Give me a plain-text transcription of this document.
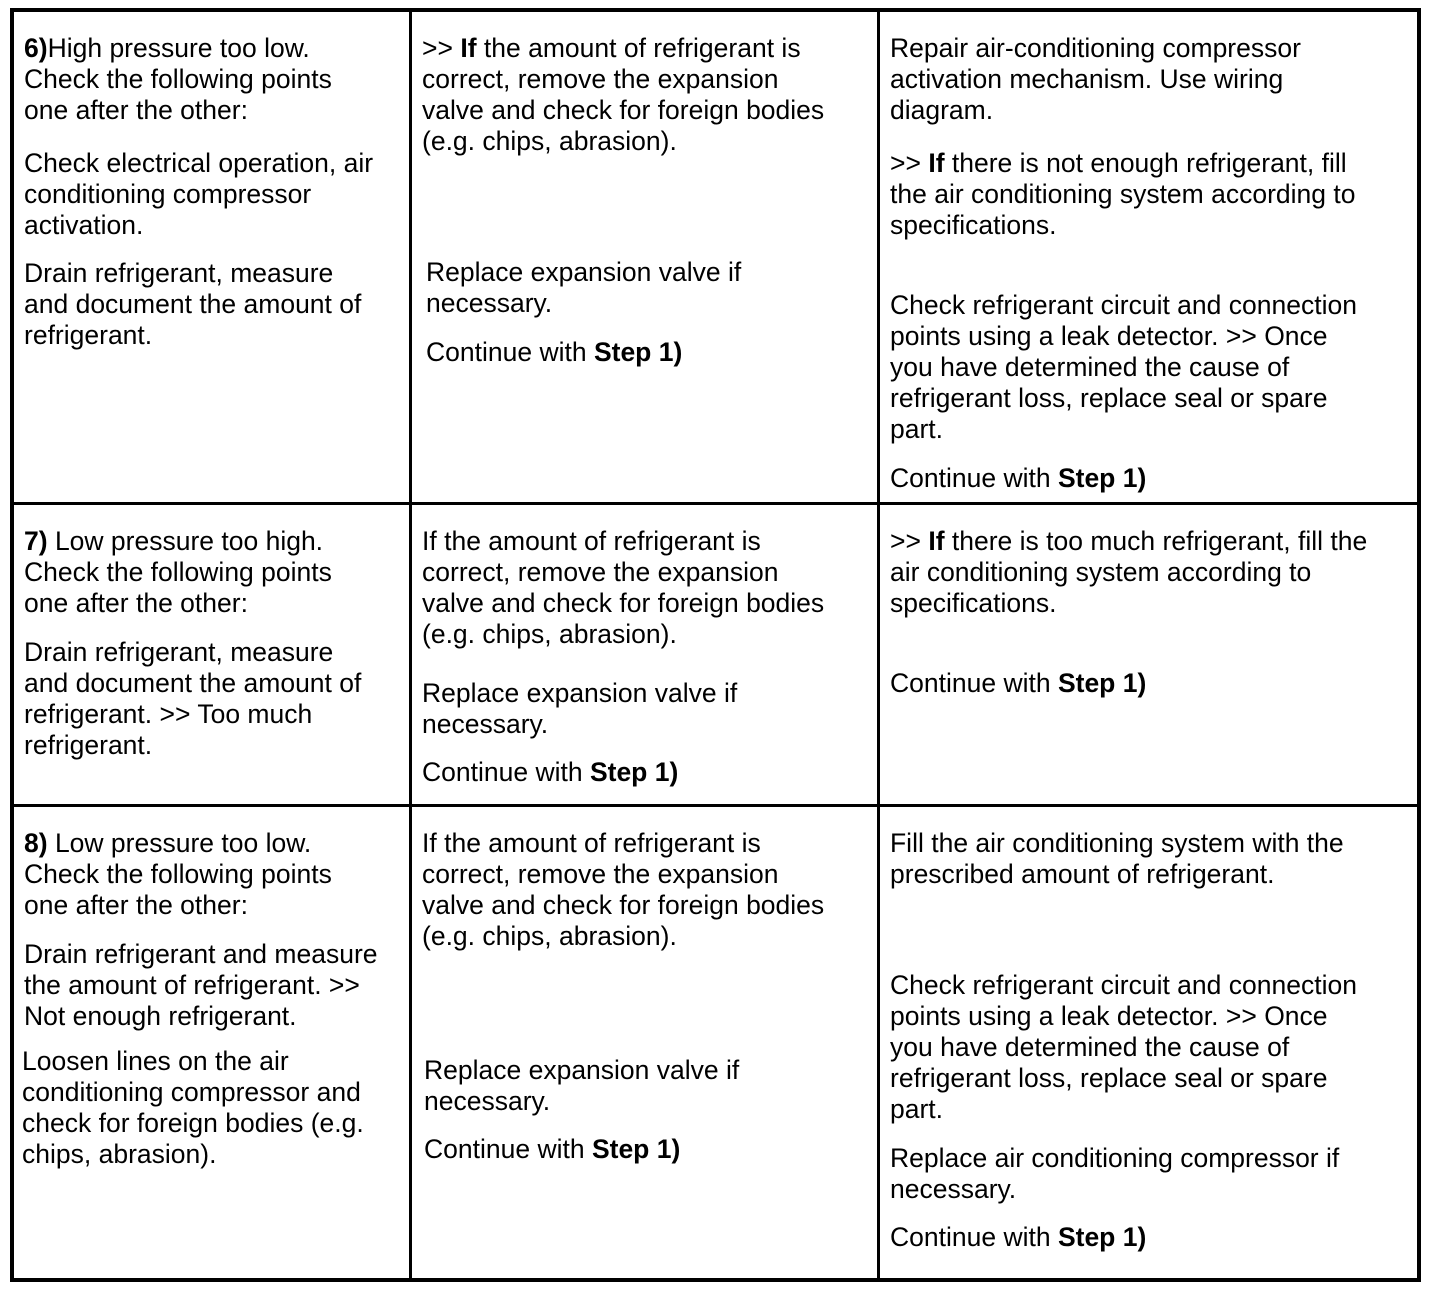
6)High pressure too low.
Check the following points
one after the other:

Check electrical operation, air
conditioning compressor
activation.

Drain refrigerant, measure
and document the amount of
refrigerant.

>> If the amount of refrigerant is
correct, remove the expansion
valve and check for foreign bodies
(e.g. chips, abrasion).

Replace expansion valve if
necessary.

Continue with Step 1)

Repair air-conditioning compressor
activation mechanism. Use wiring
diagram.

>> If there is not enough refrigerant, fill
the air conditioning system according to
specifications.

Check refrigerant circuit and connection
points using a leak detector. >> Once
you have determined the cause of
refrigerant loss, replace seal or spare
part.

Continue with Step 1)

7) Low pressure too high.
Check the following points
one after the other:

Drain refrigerant, measure
and document the amount of
refrigerant. >> Too much
refrigerant.

If the amount of refrigerant is
correct, remove the expansion
valve and check for foreign bodies
(e.g. chips, abrasion).

Replace expansion valve if
necessary.

Continue with Step 1)

>> If there is too much refrigerant, fill the
air conditioning system according to
specifications.

Continue with Step 1)

8) Low pressure too low.
Check the following points
one after the other:

Drain refrigerant and measure
the amount of refrigerant. >>
Not enough refrigerant.

Loosen lines on the air
conditioning compressor and
check for foreign bodies (e.g.
chips, abrasion).

If the amount of refrigerant is
correct, remove the expansion
valve and check for foreign bodies
(e.g. chips, abrasion).

Replace expansion valve if
necessary.

Continue with Step 1)

Fill the air conditioning system with the
prescribed amount of refrigerant.

Check refrigerant circuit and connection
points using a leak detector. >> Once
you have determined the cause of
refrigerant loss, replace seal or spare
part.

Replace air conditioning compressor if
necessary.

Continue with Step 1)
